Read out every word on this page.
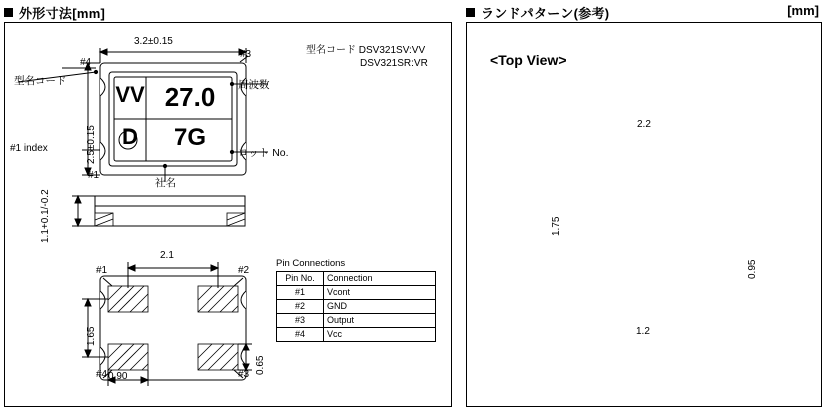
外形寸法[mm]	ランドパターン(参考)	[mm]
3.2±0.15
2.5±0.15
1.1+0.1/-0.2
2.1
1.65
0.90
0.65
型名コード	周波数
社名
ロット No.
#1 index
#4
#3
#1
#1	#2
#4	#3
VV 27.0
D	7G
型名コード DSV321SV:VV
DSV321SR:VR
Pin Connections
Pin No.	Connection
#1	Vcont
#2	GND
#3	Output
#4	Vcc
<Top View>
2.2
1.75
0.95
1.2
